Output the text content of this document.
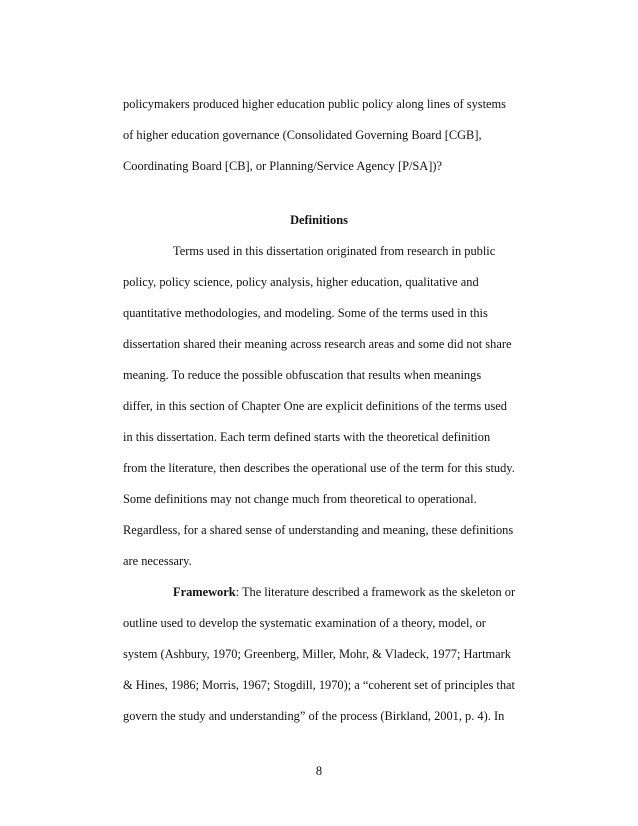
policymakers produced higher education public policy along lines of systems
of higher education governance (Consolidated Governing Board [CGB],
Coordinating Board [CB], or Planning/Service Agency [P/SA])?
Definitions
Terms used in this dissertation originated from research in public
policy, policy science, policy analysis, higher education, qualitative and
quantitative methodologies, and modeling. Some of the terms used in this
dissertation shared their meaning across research areas and some did not share
meaning. To reduce the possible obfuscation that results when meanings
differ, in this section of Chapter One are explicit definitions of the terms used
in this dissertation. Each term defined starts with the theoretical definition
from the literature, then describes the operational use of the term for this study.
Some definitions may not change much from theoretical to operational.
Regardless, for a shared sense of understanding and meaning, these definitions
are necessary.
Framework: The literature described a framework as the skeleton or
outline used to develop the systematic examination of a theory, model, or
system (Ashbury, 1970; Greenberg, Miller, Mohr, & Vladeck, 1977; Hartmark
& Hines, 1986; Morris, 1967; Stogdill, 1970); a “coherent set of principles that
govern the study and understanding” of the process (Birkland, 2001, p. 4). In
8
